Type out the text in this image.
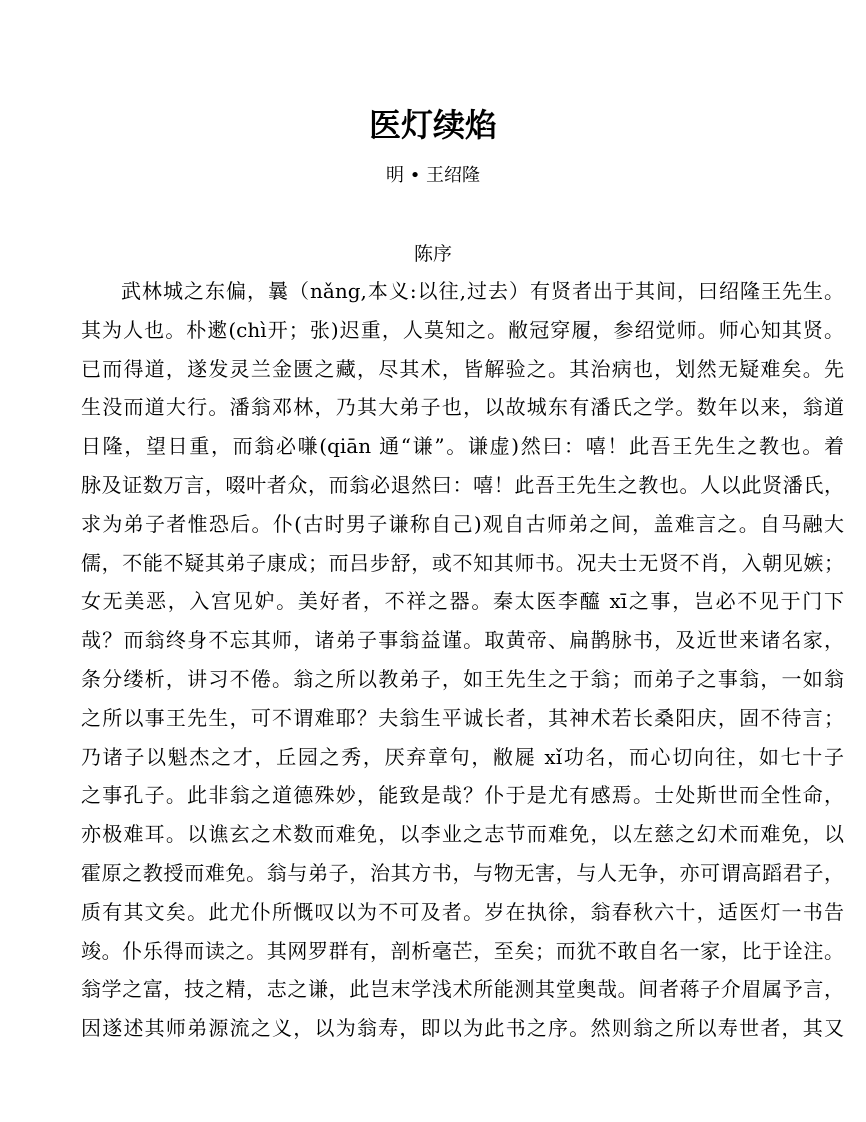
医灯续焰
明 • 王绍隆
陈序
武林城之东偏，曩（nǎng,本义:以往,过去）有贤者出于其间，曰绍隆王先生。
其为人也。朴遬(chì开；张)迟重，人莫知之。敝冠穿履，参绍觉师。师心知其贤。
已而得道，遂发灵兰金匮之藏，尽其术，皆解验之。其治病也，划然无疑难矣。先
生没而道大行。潘翁邓林，乃其大弟子也，以故城东有潘氏之学。数年以来，翁道
日隆，望日重，而翁必嗛(qiān 通“谦”。谦虚)然曰：嘻！此吾王先生之教也。着
脉及证数万言，啜叶者众，而翁必退然曰：嘻！此吾王先生之教也。人以此贤潘氏，
求为弟子者惟恐后。仆(古时男子谦称自己)观自古师弟之间，盖难言之。自马融大
儒，不能不疑其弟子康成；而吕步舒，或不知其师书。况夫士无贤不肖，入朝见嫉；
女无美恶，入宫见妒。美好者，不祥之器。秦太医李醯 xī之事，岂必不见于门下
哉？而翁终身不忘其师，诸弟子事翁益谨。取黄帝、扁鹊脉书，及近世来诸名家，
条分缕析，讲习不倦。翁之所以教弟子，如王先生之于翁；而弟子之事翁，一如翁
之所以事王先生，可不谓难耶？夫翁生平诚长者，其神术若长桑阳庆，固不待言；
乃诸子以魁杰之才，丘园之秀，厌弃章句，敝屣 xǐ功名，而心切向往，如七十子
之事孔子。此非翁之道德殊妙，能致是哉？仆于是尤有感焉。士处斯世而全性命，
亦极难耳。以谯玄之术数而难免，以李业之志节而难免，以左慈之幻术而难免，以
霍原之教授而难免。翁与弟子，治其方书，与物无害，与人无争，亦可谓高蹈君子，
质有其文矣。此尤仆所慨叹以为不可及者。岁在执徐，翁春秋六十，适医灯一书告
竣。仆乐得而读之。其网罗群有，剖析毫芒，至矣；而犹不敢自名一家，比于诠注。
翁学之富，技之精，志之谦，此岂末学浅术所能测其堂奥哉。间者蒋子介眉属予言，
因遂述其师弟源流之义，以为翁寿，即以为此书之序。然则翁之所以寿世者，其又
